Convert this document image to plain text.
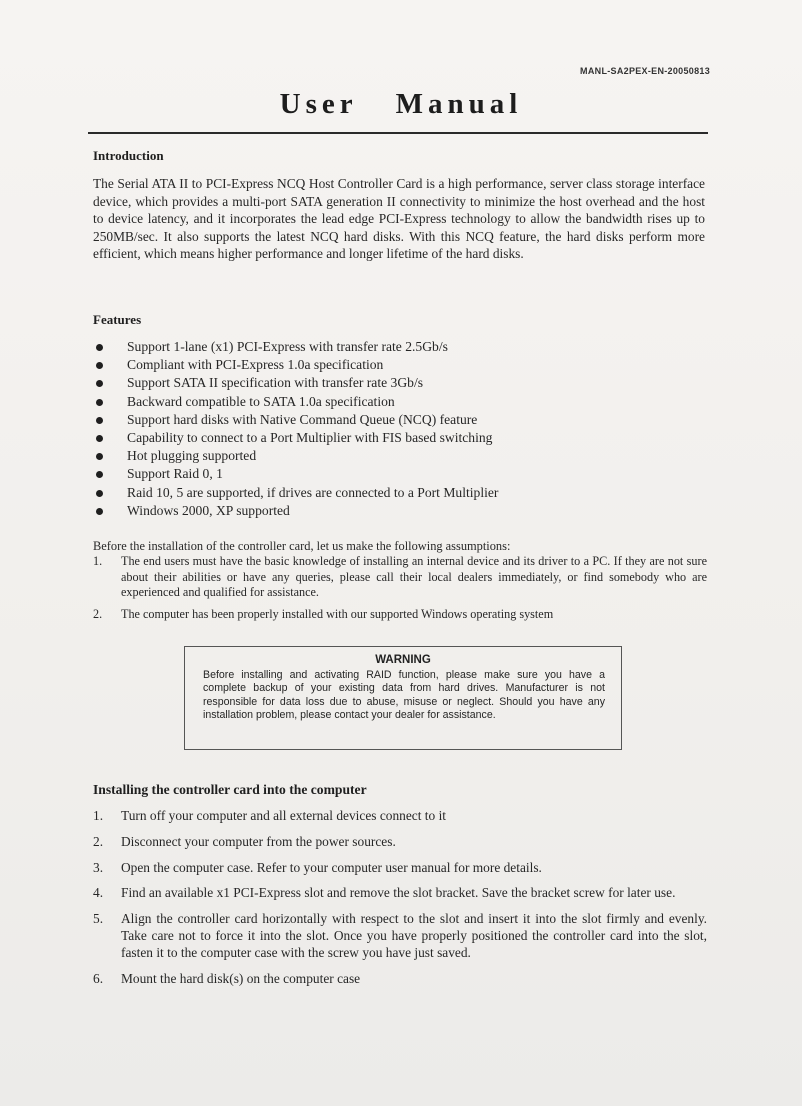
MANL-SA2PEX-EN-20050813
User Manual
Introduction
The Serial ATA II to PCI-Express NCQ Host Controller Card is a high performance, server class storage interface device, which provides a multi-port SATA generation II connectivity to minimize the host overhead and the host to device latency, and it incorporates the lead edge PCI-Express technology to allow the bandwidth rises up to 250MB/sec. It also supports the latest NCQ hard disks. With this NCQ feature, the hard disks perform more efficient, which means higher performance and longer lifetime of the hard disks.
Features
Support 1-lane (x1) PCI-Express with transfer rate 2.5Gb/s
Compliant with PCI-Express 1.0a specification
Support SATA II specification with transfer rate 3Gb/s
Backward compatible to SATA 1.0a specification
Support hard disks with Native Command Queue (NCQ) feature
Capability to connect to a Port Multiplier with FIS based switching
Hot plugging supported
Support Raid 0, 1
Raid 10, 5 are supported, if drives are connected to a Port Multiplier
Windows 2000, XP supported
Before the installation of the controller card, let us make the following assumptions:
1. The end users must have the basic knowledge of installing an internal device and its driver to a PC. If they are not sure about their abilities or have any queries, please call their local dealers immediately, or find somebody who are experienced and qualified for assistance.
2. The computer has been properly installed with our supported Windows operating system
WARNING
Before installing and activating RAID function, please make sure you have a complete backup of your existing data from hard drives. Manufacturer is not responsible for data loss due to abuse, misuse or neglect. Should you have any installation problem, please contact your dealer for assistance.
Installing the controller card into the computer
1. Turn off your computer and all external devices connect to it
2. Disconnect your computer from the power sources.
3. Open the computer case. Refer to your computer user manual for more details.
4. Find an available x1 PCI-Express slot and remove the slot bracket. Save the bracket screw for later use.
5. Align the controller card horizontally with respect to the slot and insert it into the slot firmly and evenly. Take care not to force it into the slot. Once you have properly positioned the controller card into the slot, fasten it to the computer case with the screw you have just saved.
6. Mount the hard disk(s) on the computer case
